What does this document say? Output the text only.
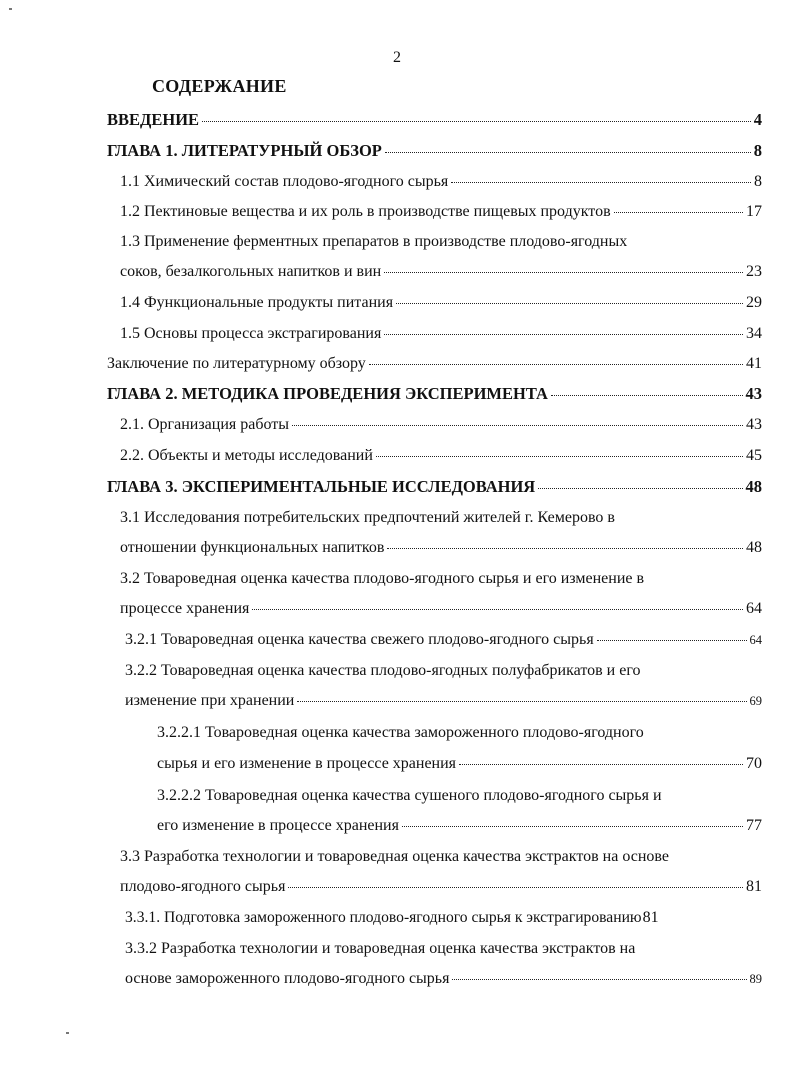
2
СОДЕРЖАНИЕ
ВВЕДЕНИЕ	4
ГЛАВА 1. ЛИТЕРАТУРНЫЙ ОБЗОР	8
1.1 Химический состав плодово-ягодного сырья	8
1.2 Пектиновые вещества и их роль в производстве пищевых продуктов	17
1.3 Применение ферментных препаратов в производстве плодово-ягодных
соков, безалкогольных напитков и вин	23
1.4 Функциональные продукты питания	29
1.5 Основы процесса экстрагирования	34
Заключение по литературному обзору	41
ГЛАВА 2. МЕТОДИКА ПРОВЕДЕНИЯ ЭКСПЕРИМЕНТА	43
2.1. Организация работы	43
2.2. Объекты и методы исследований	45
ГЛАВА 3. ЭКСПЕРИМЕНТАЛЬНЫЕ ИССЛЕДОВАНИЯ	48
3.1 Исследования потребительских предпочтений жителей г. Кемерово в
отношении функциональных напитков	48
3.2 Товароведная оценка качества плодово-ягодного сырья и его изменение в
процессе хранения	64
3.2.1 Товароведная оценка качества свежего плодово-ягодного сырья	64
3.2.2 Товароведная оценка качества плодово-ягодных полуфабрикатов и его
изменение при хранении	69
3.2.2.1 Товароведная оценка качества замороженного плодово-ягодного
сырья и его изменение в процессе хранения	70
3.2.2.2 Товароведная оценка качества сушеного плодово-ягодного сырья и
его изменение в процессе хранения	77
3.3 Разработка технологии и товароведная оценка качества экстрактов на основе
плодово-ягодного сырья	81
3.3.1. Подготовка замороженного плодово-ягодного сырья к экстрагированию 81
3.3.2 Разработка технологии и товароведная оценка качества экстрактов на
основе замороженного плодово-ягодного сырья	89
